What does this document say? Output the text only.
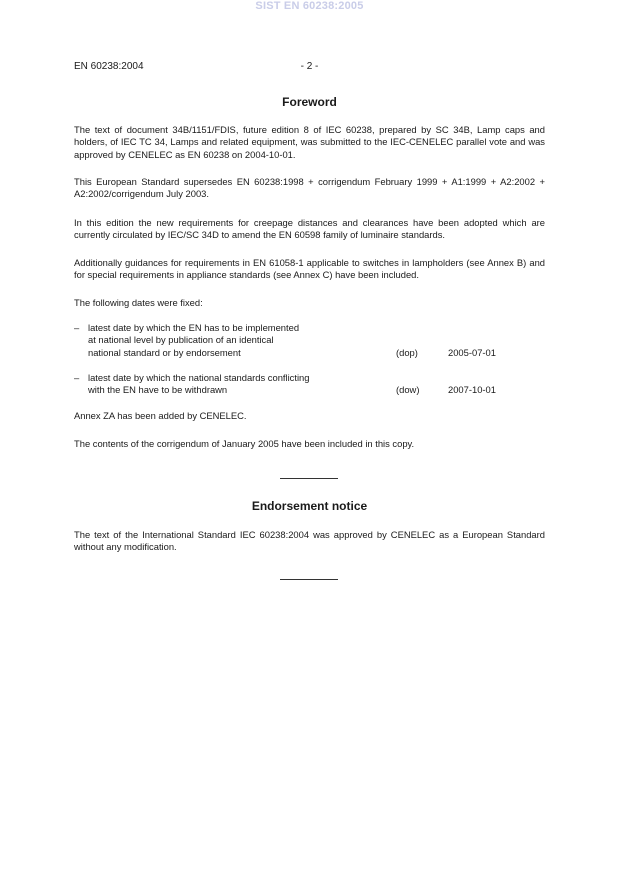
SIST EN 60238:2005
EN 60238:2004	- 2 -
Foreword
The text of document 34B/1151/FDIS, future edition 8 of IEC 60238, prepared by SC 34B, Lamp caps and holders, of IEC TC 34, Lamps and related equipment, was submitted to the IEC-CENELEC parallel vote and was approved by CENELEC as EN 60238 on 2004-10-01.
This European Standard supersedes EN 60238:1998 + corrigendum February 1999 + A1:1999 + A2:2002 + A2:2002/corrigendum July 2003.
In this edition the new requirements for creepage distances and clearances have been adopted which are currently circulated by IEC/SC 34D to amend the EN 60598 family of luminaire standards.
Additionally guidances for requirements in EN 61058-1 applicable to switches in lampholders (see Annex B) and for special requirements in appliance standards (see Annex C) have been included.
The following dates were fixed:
– latest date by which the EN has to be implemented
at national level by publication of an identical
national standard or by endorsement	(dop)	2005-07-01
– latest date by which the national standards conflicting
with the EN have to be withdrawn	(dow)	2007-10-01
Annex ZA has been added by CENELEC.
The contents of the corrigendum of January 2005 have been included in this copy.
Endorsement notice
The text of the International Standard IEC 60238:2004 was approved by CENELEC as a European Standard without any modification.
